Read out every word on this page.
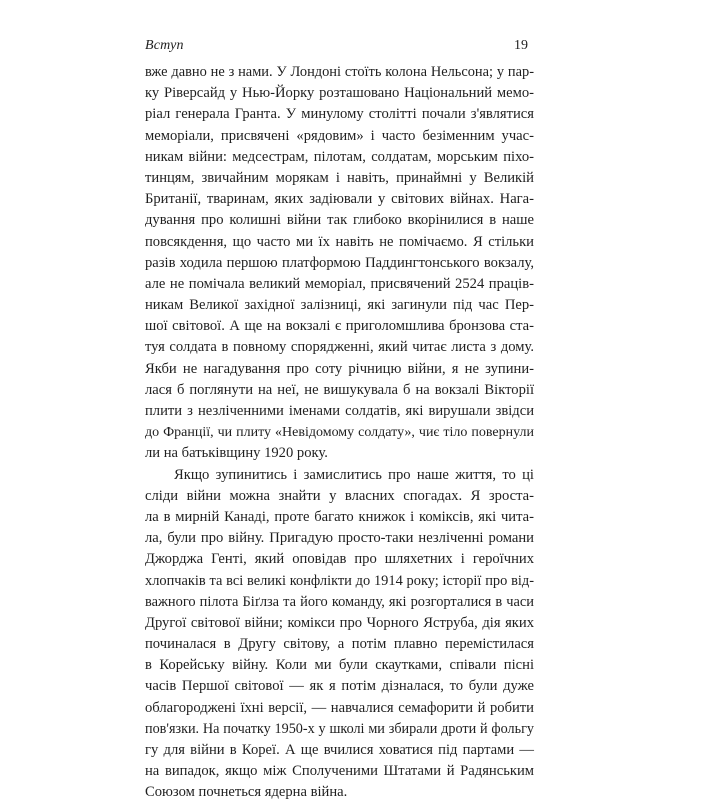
Вступ	19
вже давно не з нами. У Лондоні стоїть колона Нельсона; у пар-
ку Ріверсайд у Нью-Йорку розташовано Національний мемо-
ріал генерала Гранта. У минулому столітті почали з'являтися
меморіали, присвячені «рядовим» і часто безіменним учас-
никам війни: медсестрам, пілотам, солдатам, морським піхо-
тинцям, звичайним морякам і навіть, принаймні у Великій
Британії, тваринам, яких задіювали у світових війнах. Нага-
дування про колишні війни так глибоко вкорінилися в наше
повсякдення, що часто ми їх навіть не помічаємо. Я стільки
разів ходила першою платформою Паддингтонського вокзалу,
але не помічала великий меморіал, присвячений 2524 праців-
никам Великої західної залізниці, які загинули під час Пер-
шої світової. А ще на вокзалі є приголомшлива бронзова ста-
туя солдата в повному спорядженні, який читає листа з дому.
Якби не нагадування про соту річницю війни, я не зупини-
лася б поглянути на неї, не вишукувала б на вокзалі Вікторії
плити з незліченними іменами солдатів, які вирушали звідси
до Франції, чи плиту «Невідомому солдату», чиє тіло повернули
ли на батьківщину 1920 року.
Якщо зупинитись і замислитись про наше життя, то ці
сліди війни можна знайти у власних спогадах. Я зроста-
ла в мирній Канаді, проте багато книжок і коміксів, які чита-
ла, були про війну. Пригадую просто-таки незліченні романи
Джорджа Генті, який оповідав про шляхетних і героїчних
хлопчаків та всі великі конфлікти до 1914 року; історії про від-
важного пілота Біґлза та його команду, які розгорталися в часи
Другої світової війни; комікси про Чорного Яструба, дія яких
починалася в Другу світову, а потім плавно перемістилася
в Корейську війну. Коли ми були скаутками, співали пісні
часів Першої світової — як я потім дізналася, то були дуже
облагороджені їхні версії, — навчалися семафорити й робити
пов'язки. На початку 1950-х у школі ми збирали дроти й фольгу
гу для війни в Кореї. А ще вчилися ховатися під партами —
на випадок, якщо між Сполученими Штатами й Радянським
Союзом почнеться ядерна війна.
